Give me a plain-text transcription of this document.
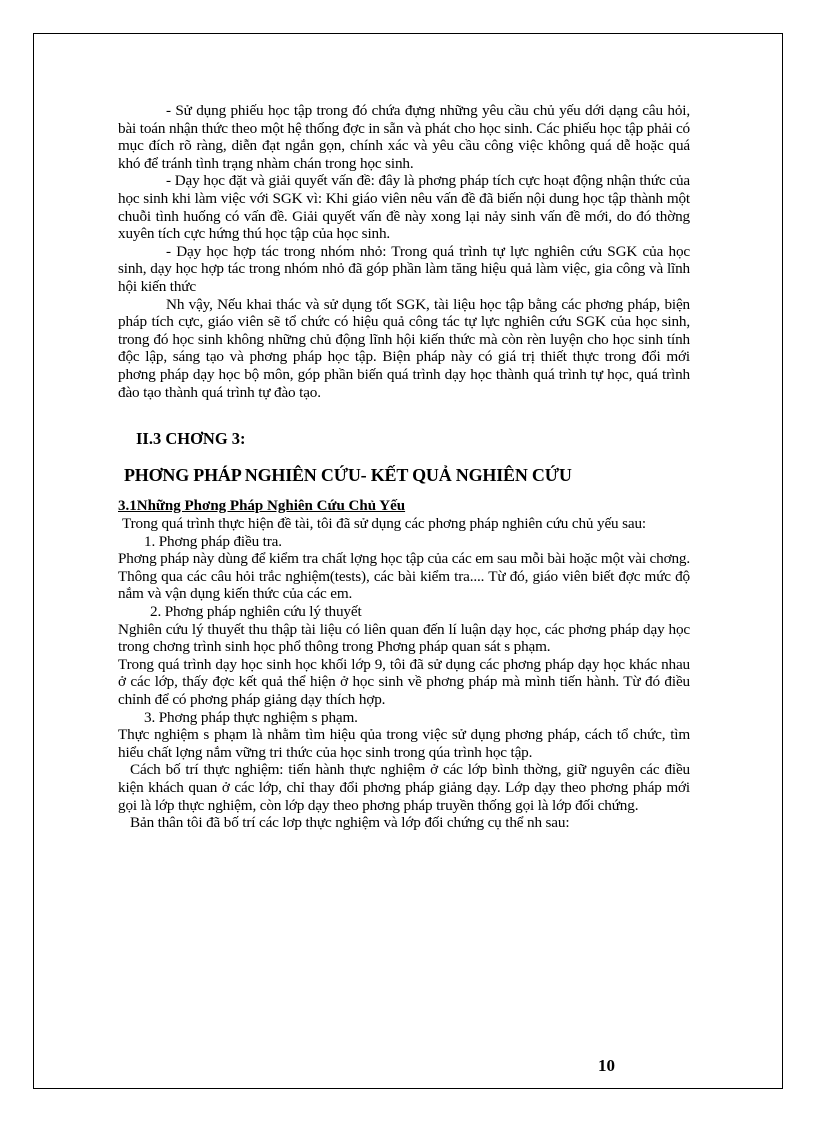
- Sử dụng phiếu học tập trong đó chứa đựng những yêu cầu chủ yếu dới dạng câu hỏi, bài toán nhận thức theo một hệ thống đợc in sẵn và phát cho học sinh. Các phiếu học tập phải có mục đích rõ ràng, diễn đạt ngắn gọn, chính xác và yêu cầu công việc không quá dễ hoặc quá khó để tránh tình trạng nhàm chán trong học sinh.

- Dạy học đặt và giải quyết vấn đề: đây là phơng pháp tích cực hoạt động nhận thức của học sinh khi làm việc với SGK vì: Khi giáo viên nêu vấn đề đã biến nội dung học tập thành một chuỗi tình huống có vấn đề. Giải quyết vấn đề này xong lại nảy sinh vấn đề mới, do đó thờng xuyên tích cực hứng thú học tập của học sinh.

- Dạy học hợp tác trong nhóm nhỏ: Trong quá trình tự lực nghiên cứu SGK của học sinh, dạy học hợp tác trong nhóm nhỏ đã góp phần làm tăng hiệu quả làm việc, gia công và lĩnh hội kiến thức

Nh vậy, Nếu khai thác và sử dụng tốt SGK, tài liệu học tập bằng các phơng pháp, biện pháp tích cực, giáo viên sẽ tổ chức có hiệu quả công tác tự lực nghiên cứu SGK của học sinh, trong đó học sinh không những chủ động lĩnh hội kiến thức mà còn rèn luyện cho học sinh tính độc lập, sáng tạo và phơng pháp học tập. Biện pháp này có giá trị thiết thực trong đổi mới phơng pháp dạy học bộ môn, góp phần biến quá trình dạy học thành quá trình tự học, quá trình đào tạo thành quá trình tự đào tạo.

II.3 CHƠNG 3:
PHƠNG PHÁP NGHIÊN CỨU- KẾT QUẢ NGHIÊN CỨU
3.1Những Phơng Pháp Nghiên Cứu Chủ Yếu

Trong quá trình thực hiện đề tài, tôi đã sử dụng các phơng pháp nghiên cứu chủ yếu sau:

1. Phơng pháp điều tra.

Phơng pháp này dùng để kiểm tra chất lợng học tập của các em sau mỗi bài hoặc một vài chơng. Thông qua các câu hỏi trắc nghiệm(tests), các bài kiểm tra.... Từ đó, giáo viên biết đợc mức độ nắm và vận dụng kiến thức của các em.

2. Phơng pháp nghiên cứu lý thuyết

Nghiên cứu lý thuyết thu thập tài liệu có liên quan đến lí luận dạy học, các phơng pháp dạy học trong chơng trình sinh học phổ thông trong Phơng pháp quan sát s phạm.

Trong quá trình dạy học sinh học khối lớp 9, tôi đã sử dụng các phơng pháp dạy học khác nhau ở các lớp, thấy đợc kết quả thể hiện ở học sinh về phơng pháp mà mình tiến hành. Từ đó điều chỉnh để có phơng pháp giảng dạy thích hợp.

3. Phơng pháp thực nghiệm s phạm.

Thực nghiệm s phạm là nhằm tìm hiệu qủa trong việc sử dụng phơng pháp, cách tổ chức, tìm hiểu chất lợng nắm vững tri thức của học sinh trong qúa trình học tập.

Cách bố trí thực nghiệm: tiến hành thực nghiệm ở các lớp bình thờng, giữ nguyên các điều kiện khách quan ở các lớp, chỉ thay đổi phơng pháp giảng dạy. Lớp dạy theo phơng pháp mới gọi là lớp thực nghiệm, còn lớp dạy theo phơng pháp truyền thống gọi là lớp đối chứng.

Bản thân tôi đã bố trí các lơp thực nghiệm và lớp đối chứng cụ thể nh sau:

10
